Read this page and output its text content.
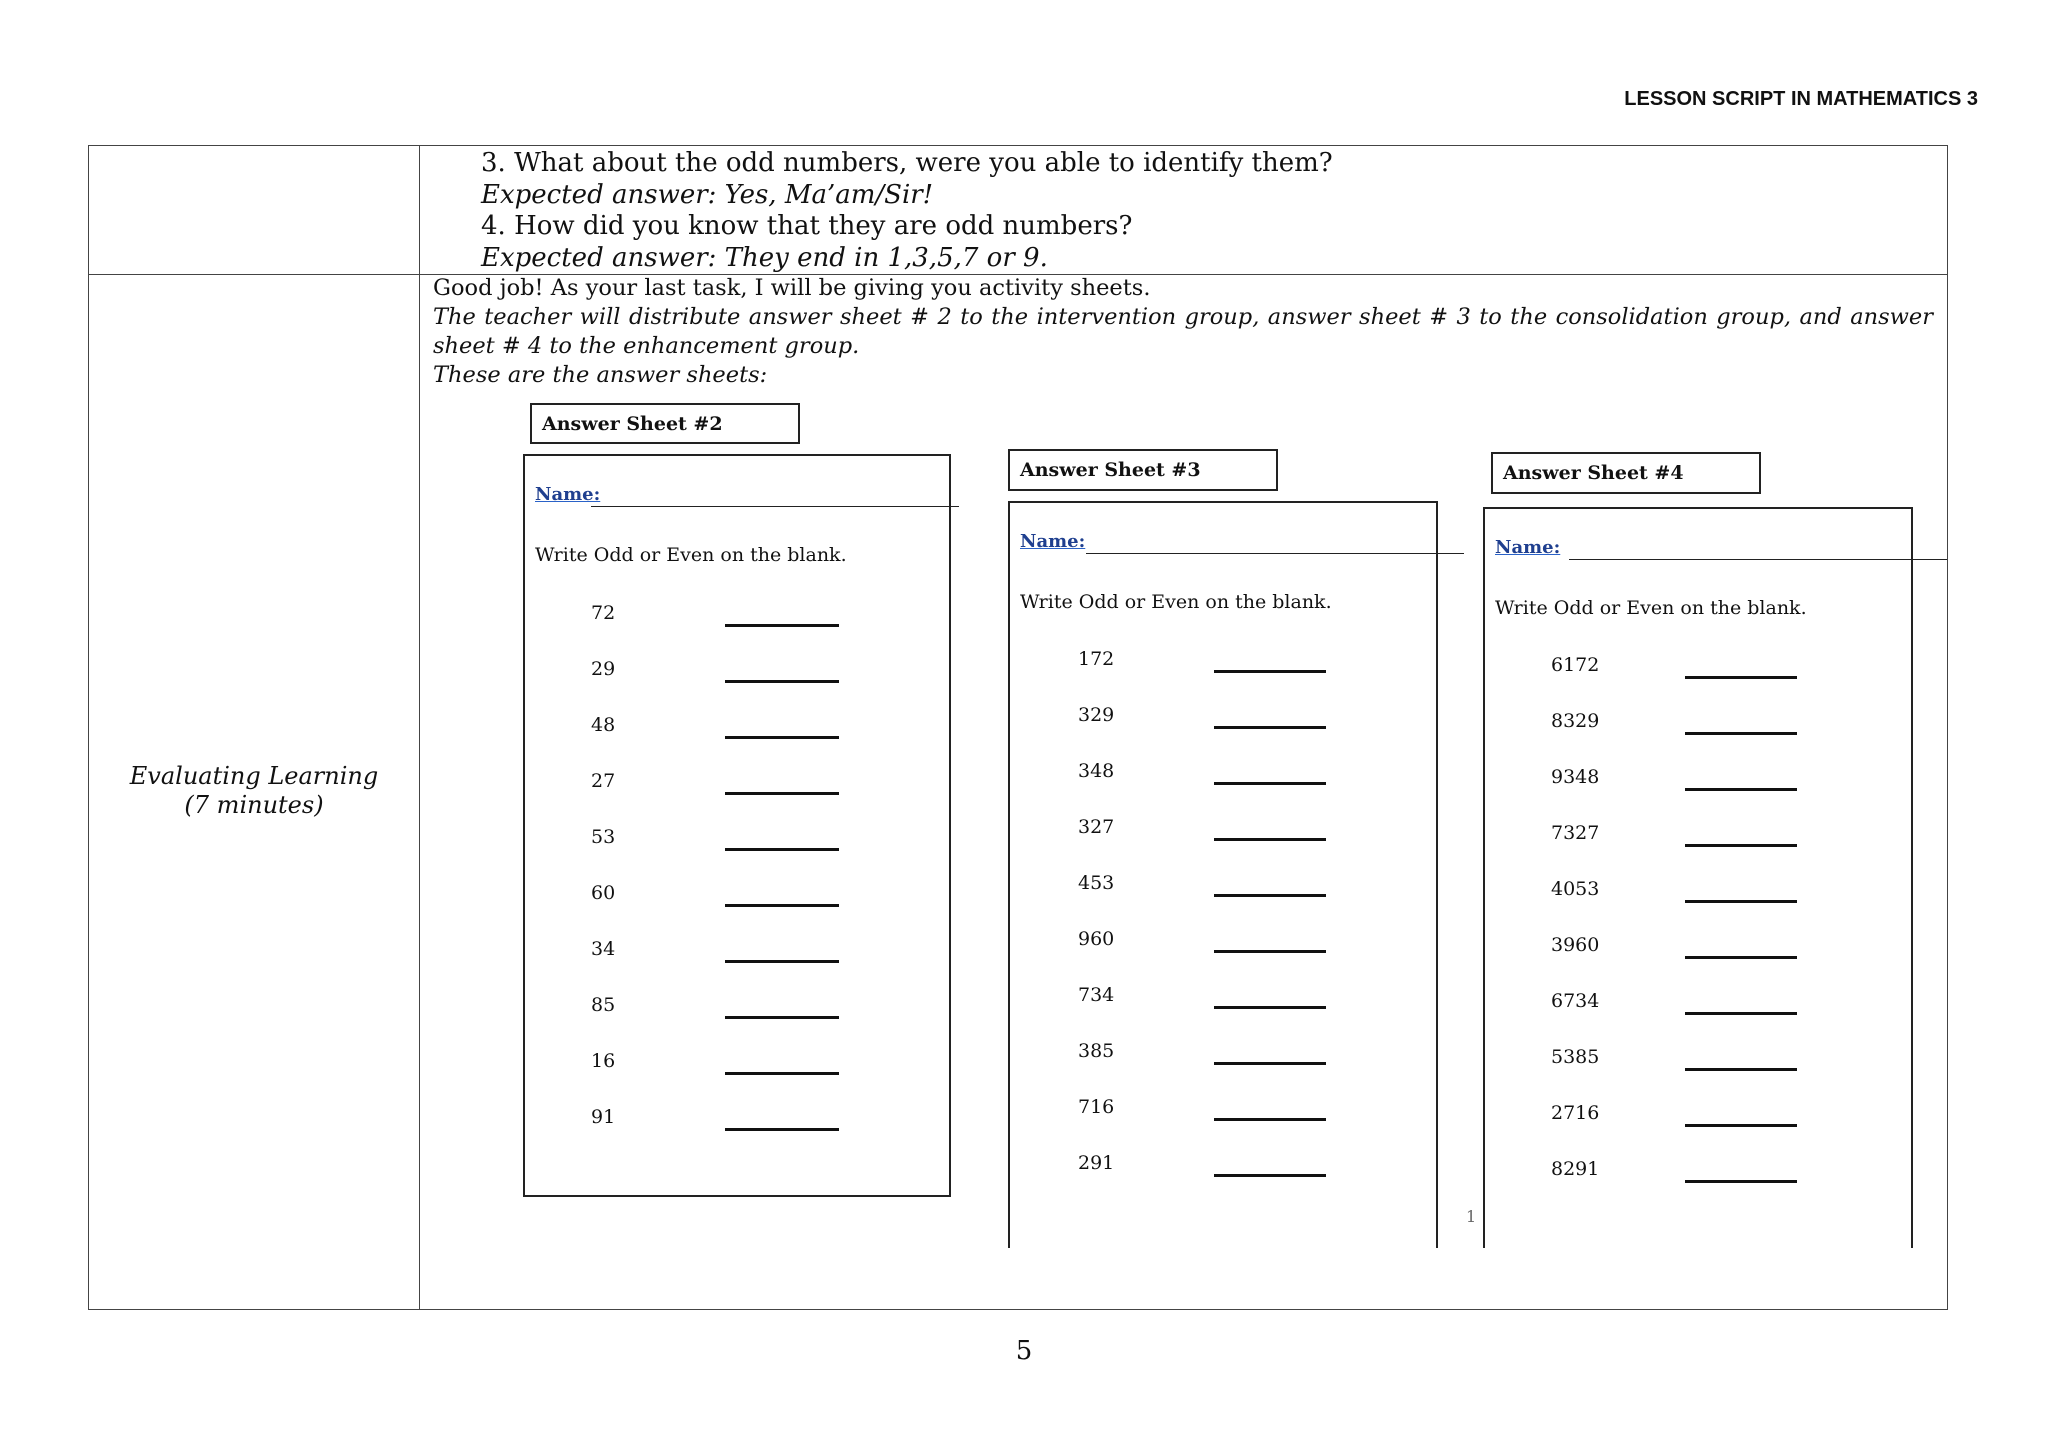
LESSON SCRIPT IN MATHEMATICS 3
3. What about the odd numbers, were you able to identify them?
Expected answer: Yes, Ma’am/Sir!
4. How did you know that they are odd numbers?
Expected answer: They end in 1,3,5,7 or 9.
Evaluating Learning
(7 minutes)
Good job! As your last task, I will be giving you activity sheets.
The teacher will distribute answer sheet # 2 to the intervention group, answer sheet # 3 to the consolidation group, and answer sheet # 4 to the enhancement group.
These are the answer sheets:
Answer Sheet #2
Name:
Write Odd or Even on the blank.
72
29
48
27
53
60
34
85
16
91
Answer Sheet #3
Name:
Write Odd or Even on the blank.
172
329
348
327
453
960
734
385
716
291
Answer Sheet #4
Name:
Write Odd or Even on the blank.
6172
8329
9348
7327
4053
3960
6734
5385
2716
8291
1
5
